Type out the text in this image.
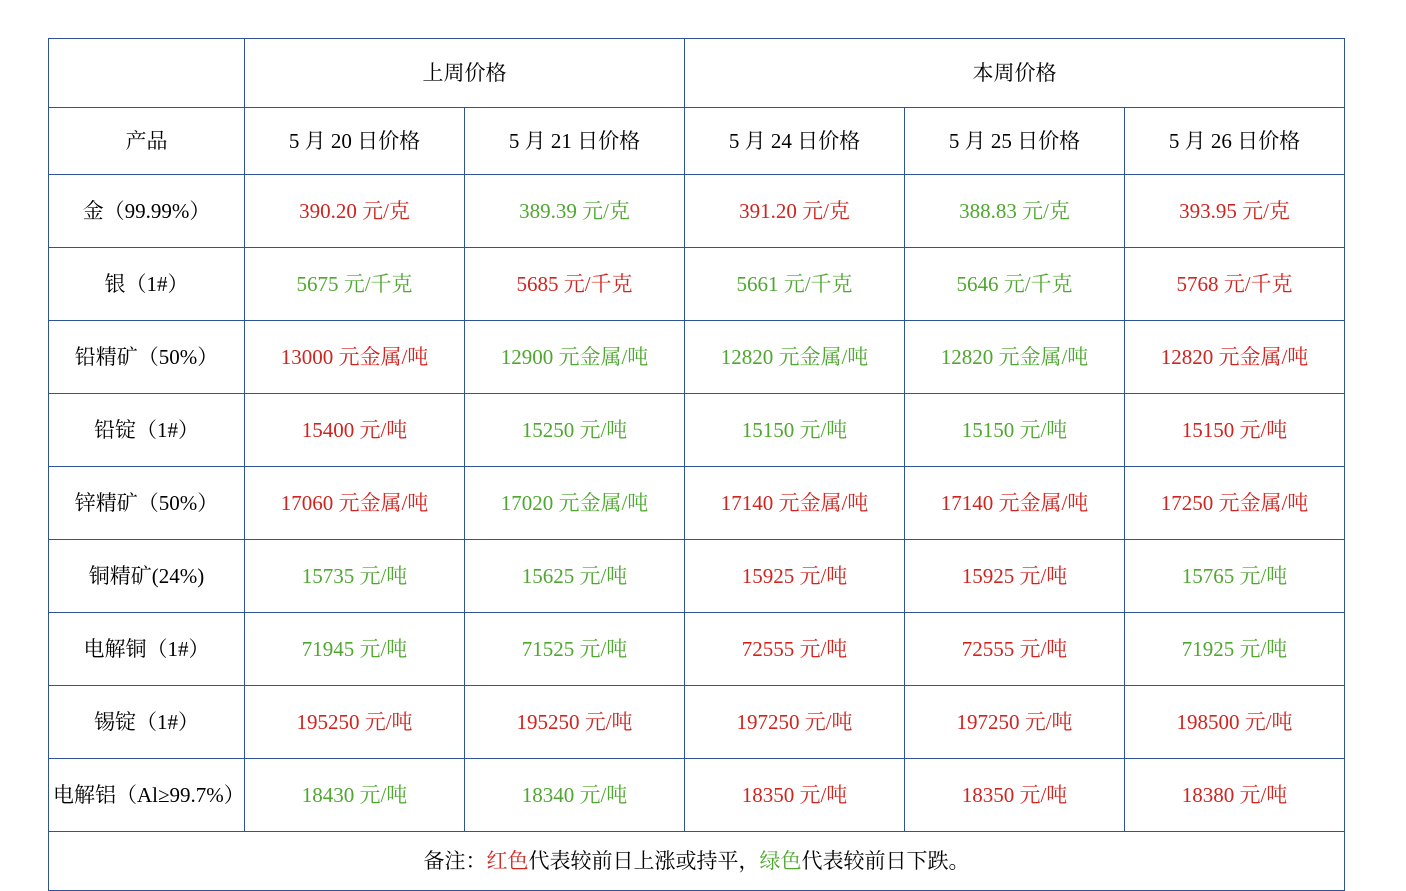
	上周价格		本周价格		
产品	5 月 20 日价格	5 月 21 日价格	5 月 24 日价格	5 月 25 日价格	5 月 26 日价格
金（99.99%）	390.20 元/克	389.39 元/克	391.20 元/克	388.83 元/克	393.95 元/克
银（1#）	5675 元/千克	5685 元/千克	5661 元/千克	5646 元/千克	5768 元/千克
铅精矿（50%）	13000 元金属/吨	12900 元金属/吨	12820 元金属/吨	12820 元金属/吨	12820 元金属/吨
铅锭（1#）	15400 元/吨	15250 元/吨	15150 元/吨	15150 元/吨	15150 元/吨
锌精矿（50%）	17060 元金属/吨	17020 元金属/吨	17140 元金属/吨	17140 元金属/吨	17250 元金属/吨
铜精矿(24%)	15735 元/吨	15625 元/吨	15925 元/吨	15925 元/吨	15765 元/吨
电解铜（1#）	71945 元/吨	71525 元/吨	72555 元/吨	72555 元/吨	71925 元/吨
锡锭（1#）	195250 元/吨	195250 元/吨	197250 元/吨	197250 元/吨	198500 元/吨
电解铝（Al≥99.7%）	18430 元/吨	18340 元/吨	18350 元/吨	18350 元/吨	18380 元/吨
备注：红色代表较前日上涨或持平，绿色代表较前日下跌。					
